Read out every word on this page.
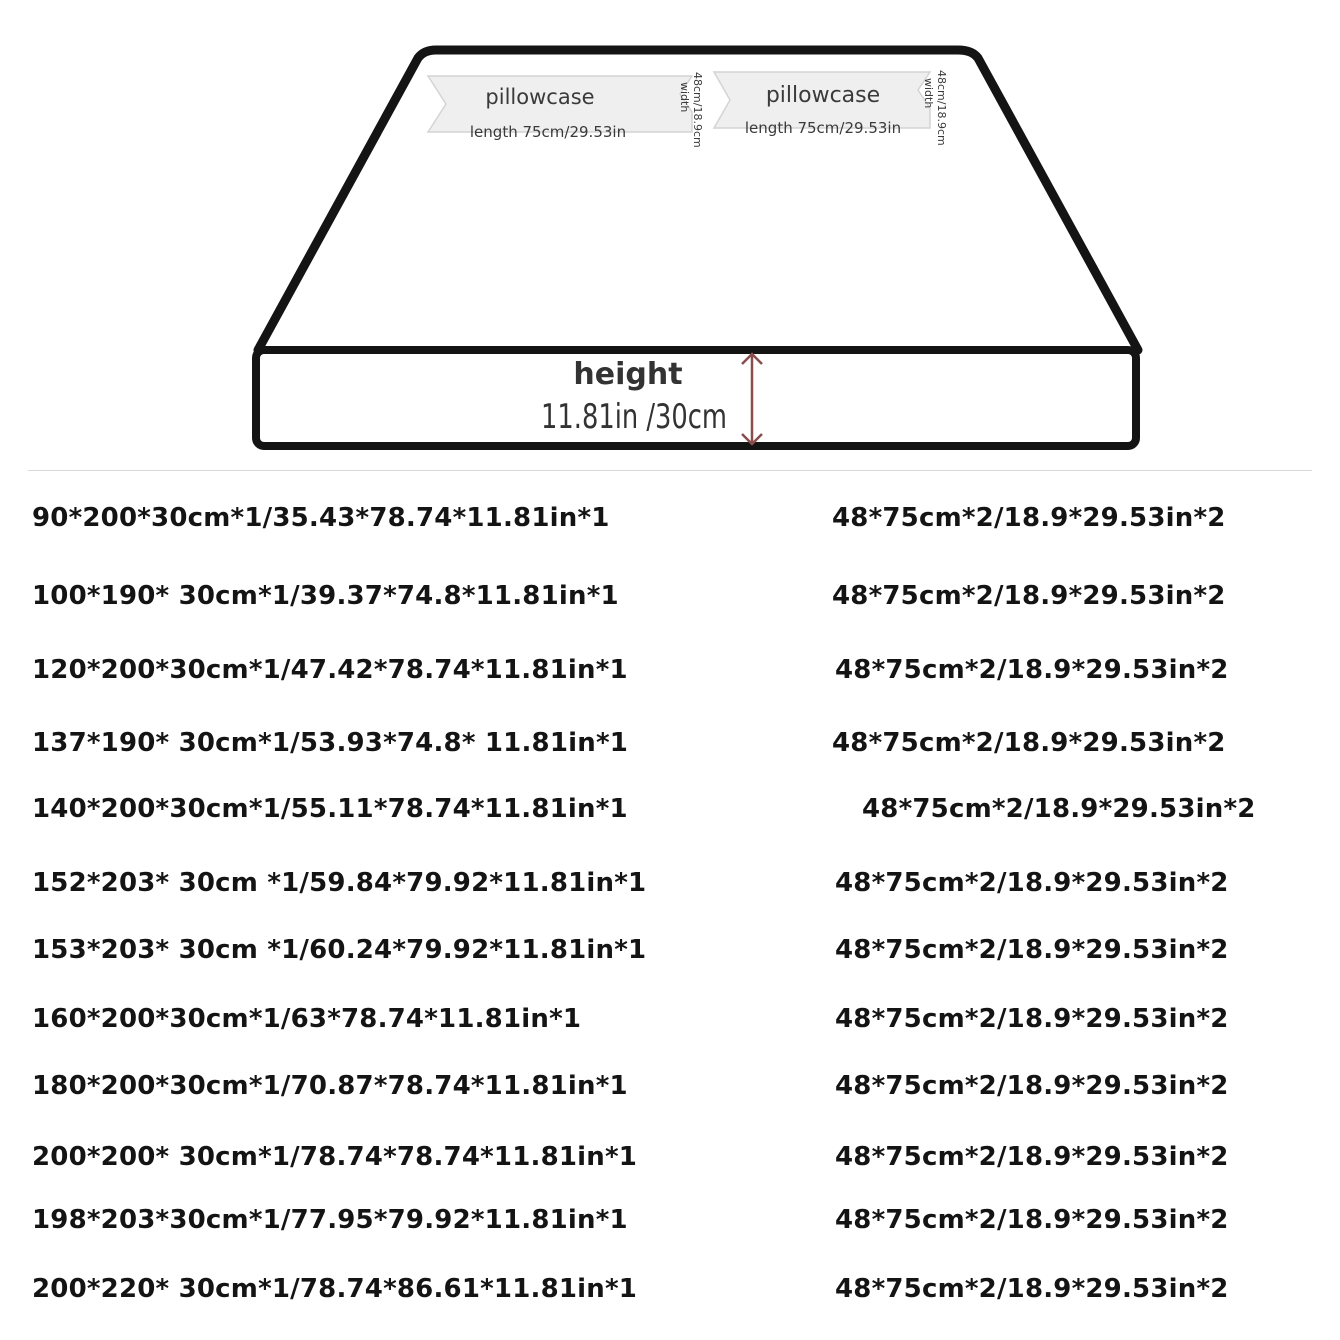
pillowcase
length 75cm/29.53in	48cm/18.9cm
width	pillowcase
length 75cm/29.53in	48cm/18.9cm
width
height
11.81in /30cm
90*200*30cm*1/35.43*78.74*11.81in*1	48*75cm*2/18.9*29.53in*2
100*190* 30cm*1/39.37*74.8*11.81in*1	48*75cm*2/18.9*29.53in*2
120*200*30cm*1/47.42*78.74*11.81in*1	48*75cm*2/18.9*29.53in*2
137*190* 30cm*1/53.93*74.8* 11.81in*1	48*75cm*2/18.9*29.53in*2
140*200*30cm*1/55.11*78.74*11.81in*1	48*75cm*2/18.9*29.53in*2
152*203* 30cm *1/59.84*79.92*11.81in*1	48*75cm*2/18.9*29.53in*2
153*203* 30cm *1/60.24*79.92*11.81in*1	48*75cm*2/18.9*29.53in*2
160*200*30cm*1/63*78.74*11.81in*1	48*75cm*2/18.9*29.53in*2
180*200*30cm*1/70.87*78.74*11.81in*1	48*75cm*2/18.9*29.53in*2
200*200* 30cm*1/78.74*78.74*11.81in*1	48*75cm*2/18.9*29.53in*2
198*203*30cm*1/77.95*79.92*11.81in*1	48*75cm*2/18.9*29.53in*2
200*220* 30cm*1/78.74*86.61*11.81in*1	48*75cm*2/18.9*29.53in*2
